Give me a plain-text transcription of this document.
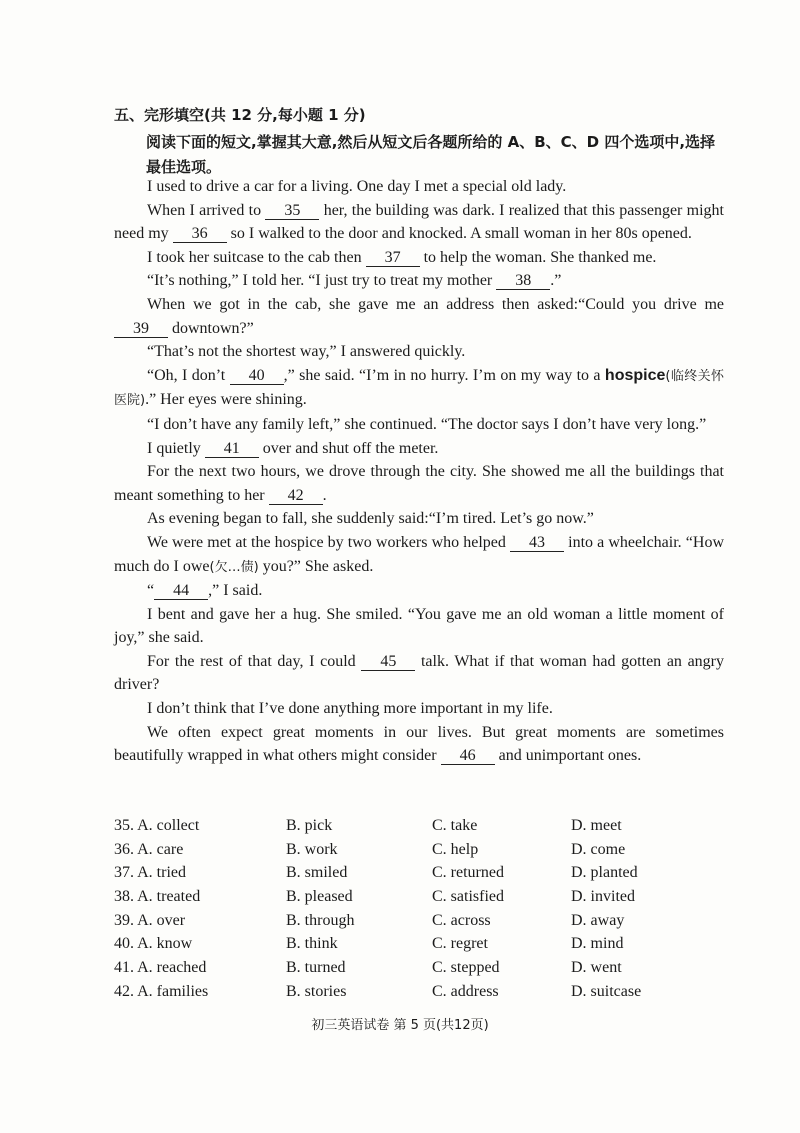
五、完形填空(共 12 分,每小题 1 分)
阅读下面的短文,掌握其大意,然后从短文后各题所给的 A、B、C、D 四个选项中,选择最佳选项。

I used to drive a car for a living. One day I met a special old lady.

When I arrived to 35 her, the building was dark. I realized that this passenger might need my 36 so I walked to the door and knocked. A small woman in her 80s opened.

I took her suitcase to the cab then 37 to help the woman. She thanked me.

“It’s nothing,” I told her. “I just try to treat my mother 38 .”

When we got in the cab, she gave me an address then asked:“Could you drive me 39 downtown?”

“That’s not the shortest way,” I answered quickly.

“Oh, I don’t 40 ,” she said. “I’m in no hurry. I’m on my way to a hospice(临终关怀医院).” Her eyes were shining.

“I don’t have any family left,” she continued. “The doctor says I don’t have very long.”

I quietly 41 over and shut off the meter.

For the next two hours, we drove through the city. She showed me all the buildings that meant something to her 42 .

As evening began to fall, she suddenly said:“I’m tired. Let’s go now.”

We were met at the hospice by two workers who helped 43 into a wheelchair. “How much do I owe(欠…债) you?” She asked.

“ 44 ,” I said.

I bent and gave her a hug. She smiled. “You gave me an old woman a little moment of joy,” she said.

For the rest of that day, I could 45 talk. What if that woman had gotten an angry driver?

I don’t think that I’ve done anything more important in my life.

We often expect great moments in our lives. But great moments are sometimes beautifully wrapped in what others might consider 46 and unimportant ones.

35. A. collect	B. pick	C. take	D. meet
36. A. care	B. work	C. help	D. come
37. A. tried	B. smiled	C. returned	D. planted
38. A. treated	B. pleased	C. satisfied	D. invited
39. A. over	B. through	C. across	D. away
40. A. know	B. think	C. regret	D. mind
41. A. reached	B. turned	C. stepped	D. went
42. A. families	B. stories	C. address	D. suitcase
初三英语试卷 第 5 页(共12页)
